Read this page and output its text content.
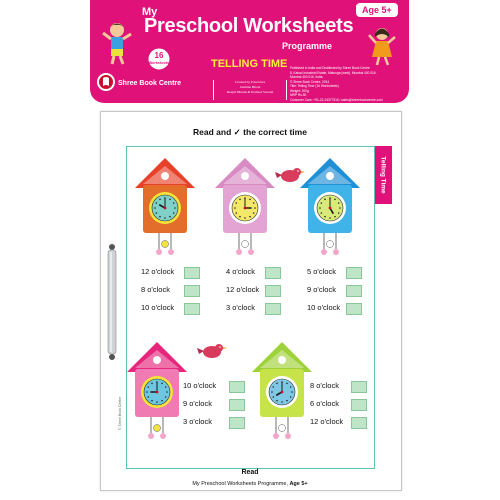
My
Preschool Worksheets
Programme
Age 5+
16
Worksheets	TELLING TIME
Created by Educators
Jasmine Bhola
Deepti Dinesh & Pramod Sawant
Published in India and Distributed by Shree Book Centre
8, Kakad Industrial Estate, Matunga (west), Mumbai 400 016.
Mumbai 400 016, India.
© Shree Book Centre, 2014
Title: Telling Time (16 Worksheets)
Weight: 200g
MRP Rs.50
Customer Care: +91-22-24377516 / sales@shreebookcentre.com
Shree Book Centre
Read and ✓ the correct time
Telling Time
© Shree Book Centre
12 o'clock
8 o'clock
10 o'clock
4 o'clock
12 o'clock
3 o'clock
5 o'clock
9 o'clock
10 o'clock
10 o'clock
9 o'clock
3 o'clock
8 o'clock
6 o'clock
12 o'clock
Read
My Preschool Worksheets Programme, Age 5+
